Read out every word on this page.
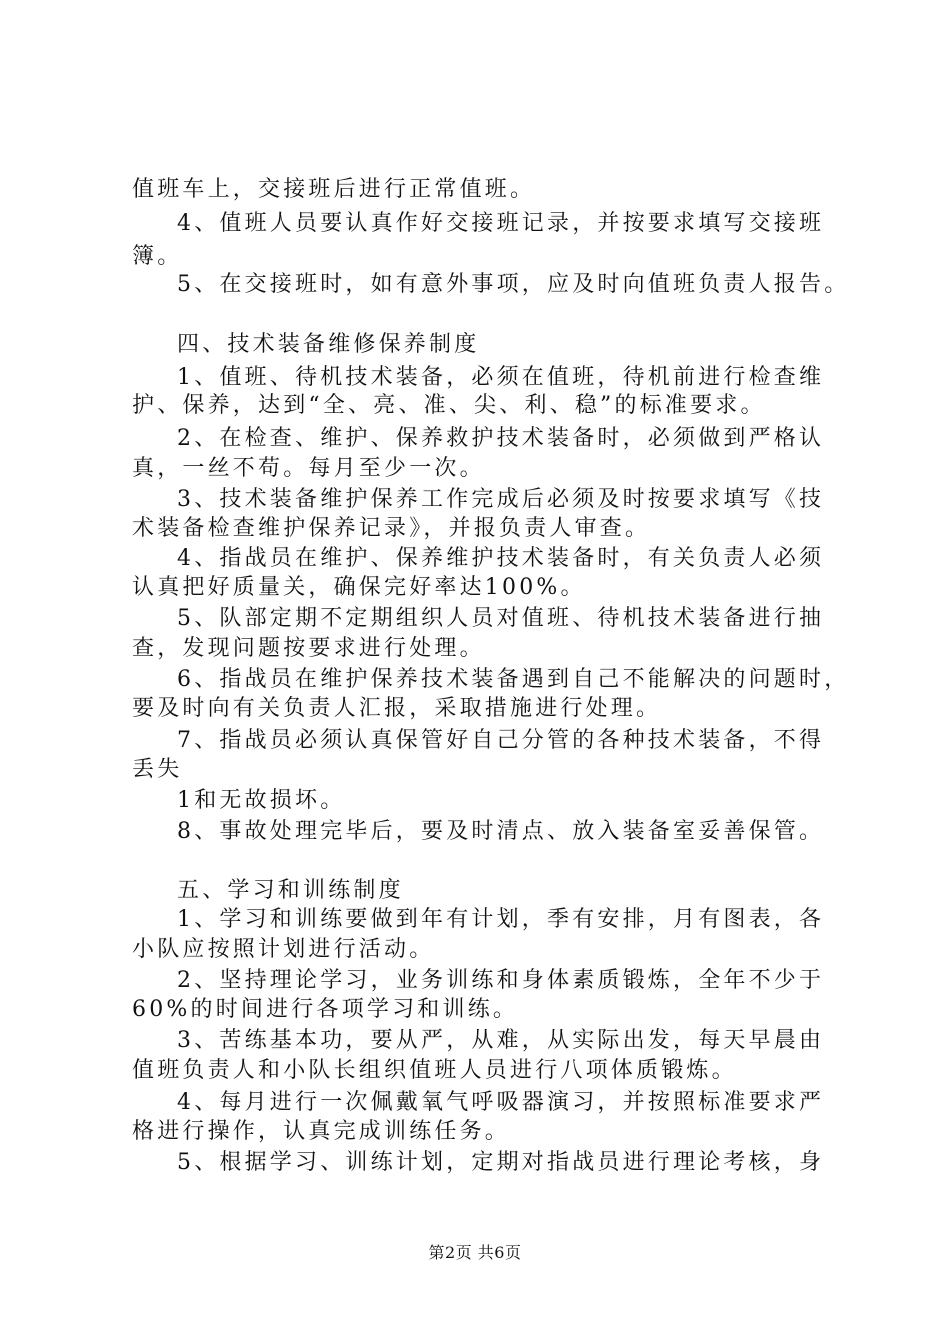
值班车上，交接班后进行正常值班。
4、值班人员要认真作好交接班记录，并按要求填写交接班
簿。
5、在交接班时，如有意外事项，应及时向值班负责人报告。
四、技术装备维修保养制度
1、值班、待机技术装备，必须在值班，待机前进行检查维
护、保养，达到“全、亮、准、尖、利、稳”的标准要求。
2、在检查、维护、保养救护技术装备时，必须做到严格认
真，一丝不苟。每月至少一次。
3、技术装备维护保养工作完成后必须及时按要求填写《技
术装备检查维护保养记录》，并报负责人审查。
4、指战员在维护、保养维护技术装备时，有关负责人必须
认真把好质量关，确保完好率达100%。
5、队部定期不定期组织人员对值班、待机技术装备进行抽
查，发现问题按要求进行处理。
6、指战员在维护保养技术装备遇到自己不能解决的问题时，
要及时向有关负责人汇报，采取措施进行处理。
7、指战员必须认真保管好自己分管的各种技术装备，不得
丢失
1和无故损坏。
8、事故处理完毕后，要及时清点、放入装备室妥善保管。
五、学习和训练制度
1、学习和训练要做到年有计划，季有安排，月有图表，各
小队应按照计划进行活动。
2、坚持理论学习，业务训练和身体素质锻炼，全年不少于
60%的时间进行各项学习和训练。
3、苦练基本功，要从严，从难，从实际出发，每天早晨由
值班负责人和小队长组织值班人员进行八项体质锻炼。
4、每月进行一次佩戴氧气呼吸器演习，并按照标准要求严
格进行操作，认真完成训练任务。
5、根据学习、训练计划，定期对指战员进行理论考核，身
第2页 共6页
